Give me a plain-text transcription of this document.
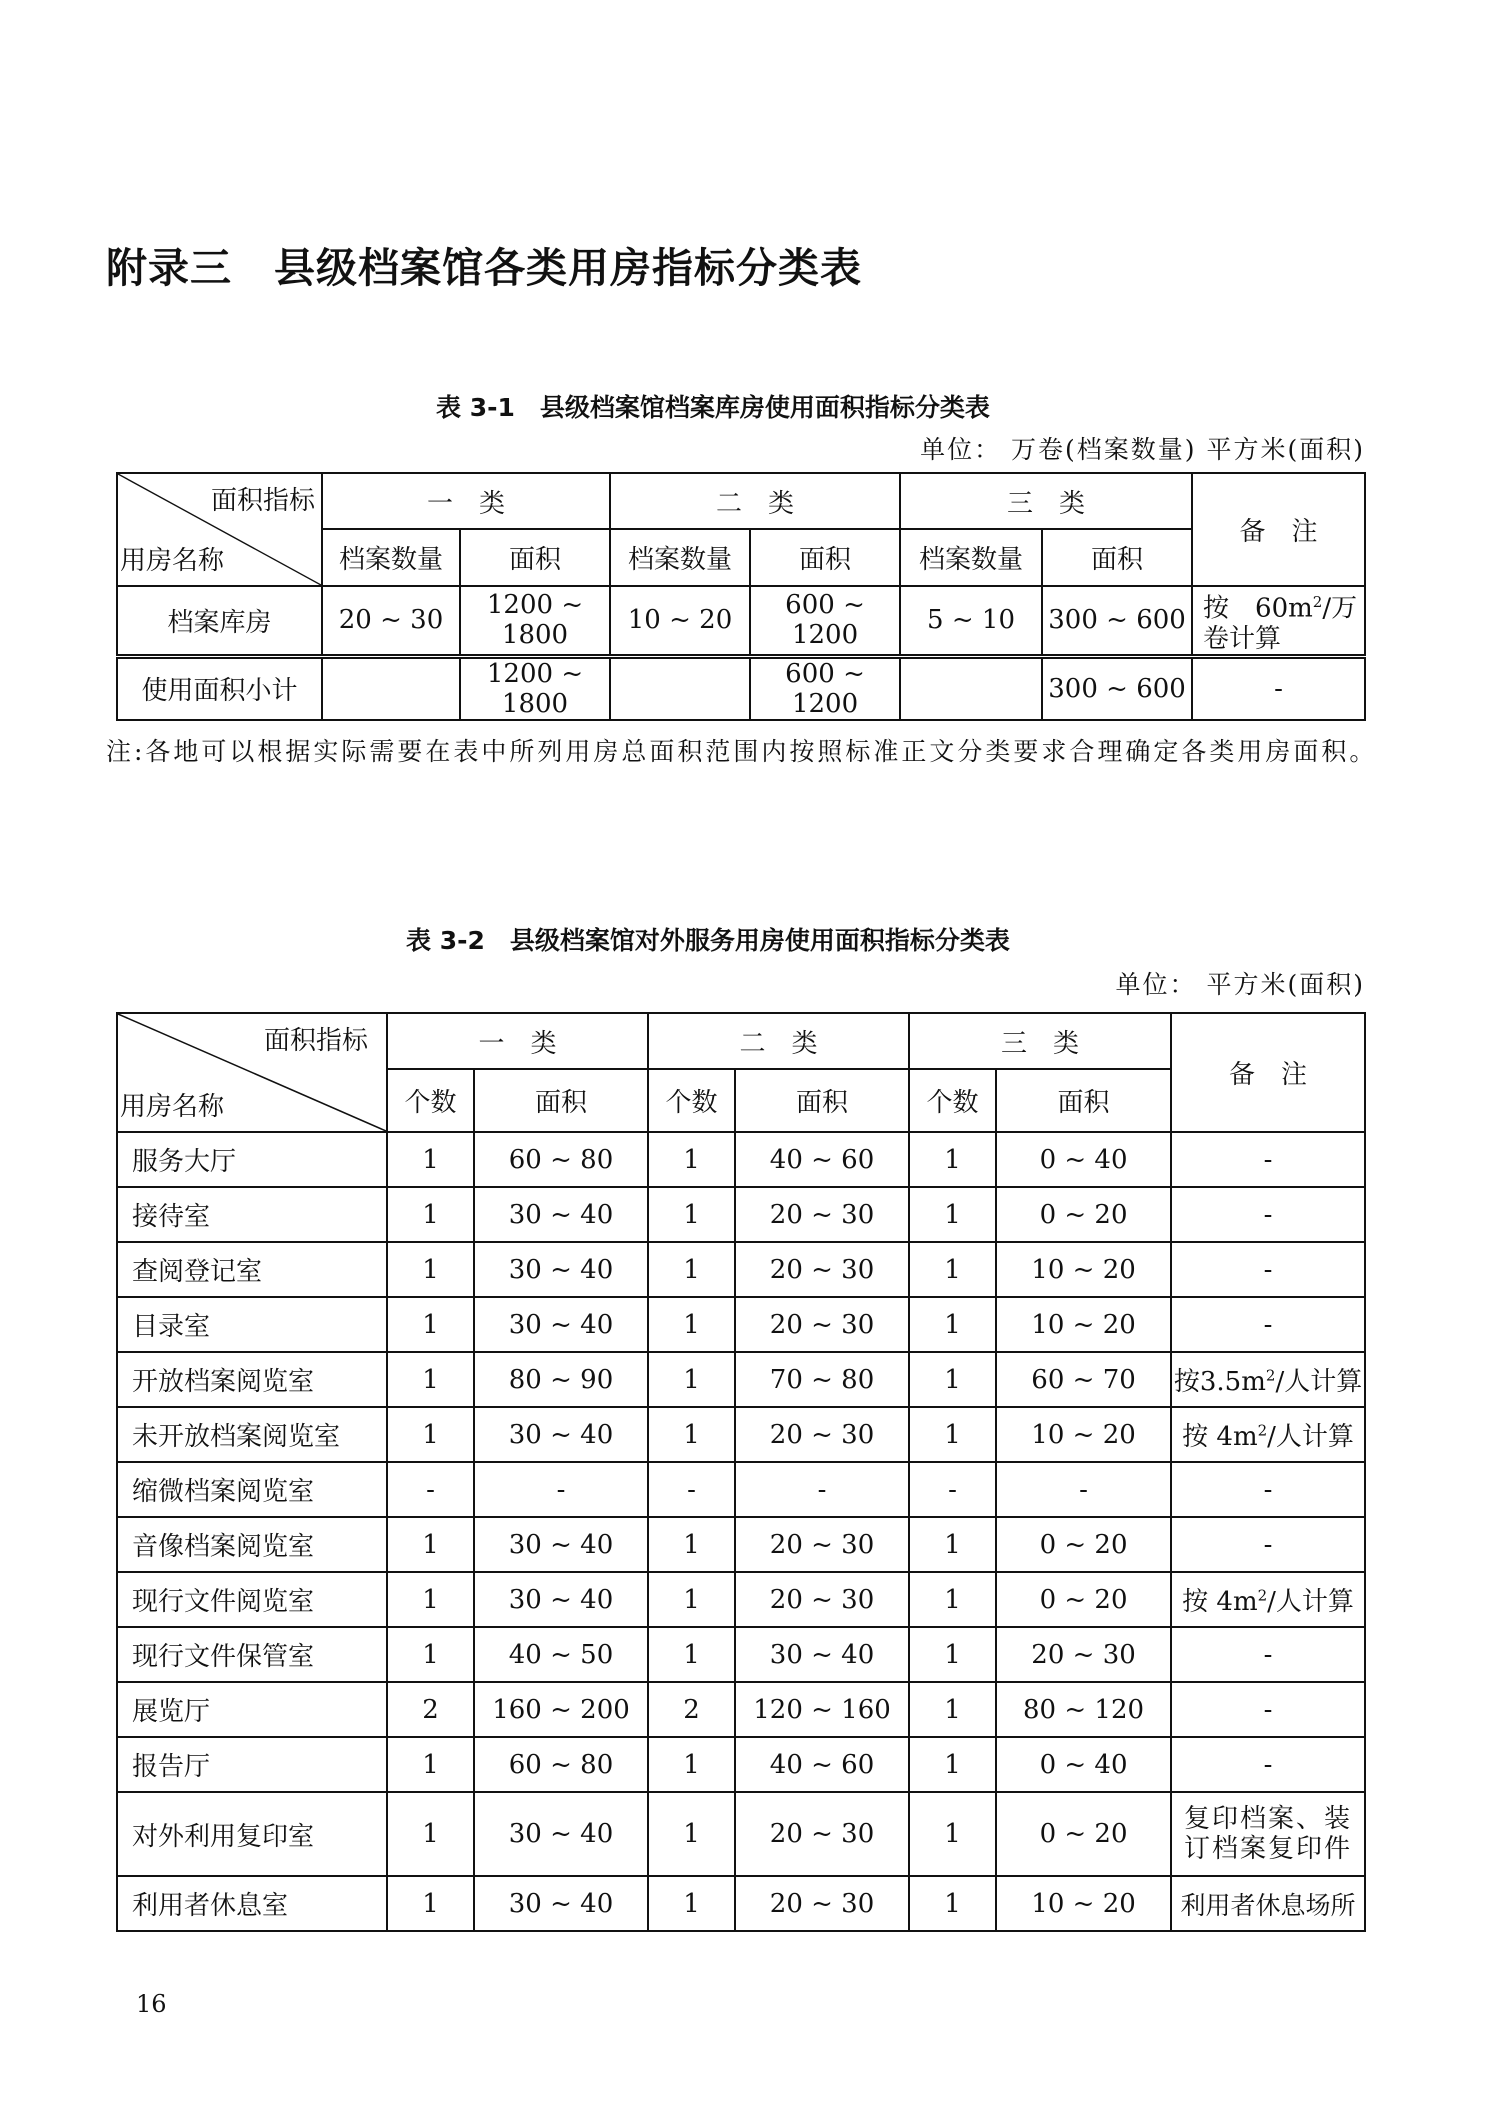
附录三　县级档案馆各类用房指标分类表
表 3-1　县级档案馆档案库房使用面积指标分类表
单位： 万卷(档案数量) 平方米(面积)
面积指标
用房名称	一　类		二　类		三　类		备　注
	档案数量	面积	档案数量	面积	档案数量	面积	
档案库房	20 ~ 30	1200 ~ 1800	10 ~ 20	600 ~ 1200	5 ~ 10	300 ~ 600	按　$60m^2/$万卷计算
使用面积小计		1200 ~ 1800		600 ~ 1200		300 ~ 600	-
注:各地可以根据实际需要在表中所列用房总面积范围内按照标准正文分类要求合理确定各类用房面积。
表 3-2　县级档案馆对外服务用房使用面积指标分类表
单位： 平方米(面积)
面积指标
用房名称	一　类		二　类		三　类		备　注
	个数	面积	个数	面积	个数	面积	
服务大厅	1	60 ~ 80	1	40 ~ 60	1	0 ~ 40	-
接待室	1	30 ~ 40	1	20 ~ 30	1	0 ~ 20	-
查阅登记室	1	30 ~ 40	1	20 ~ 30	1	10 ~ 20	-
目录室	1	30 ~ 40	1	20 ~ 30	1	10 ~ 20	-
开放档案阅览室	1	80 ~ 90	1	70 ~ 80	1	60 ~ 70	按$3.5m^2/$人计算
未开放档案阅览室	1	30 ~ 40	1	20 ~ 30	1	10 ~ 20	按 $4m^2/$人计算
缩微档案阅览室	-	-	-	-	-	-	-
音像档案阅览室	1	30 ~ 40	1	20 ~ 30	1	0 ~ 20	-
现行文件阅览室	1	30 ~ 40	1	20 ~ 30	1	0 ~ 20	按 $4m^2/$人计算
现行文件保管室	1	40 ~ 50	1	30 ~ 40	1	20 ~ 30	-
展览厅	2	160 ~ 200	2	120 ~ 160	1	80 ~ 120	-
报告厅	1	60 ~ 80	1	40 ~ 60	1	0 ~ 40	-
对外利用复印室	1	30 ~ 40	1	20 ~ 30	1	0 ~ 20	复印档案、装订档案复印件
利用者休息室	1	30 ~ 40	1	20 ~ 30	1	10 ~ 20	利用者休息场所
16
